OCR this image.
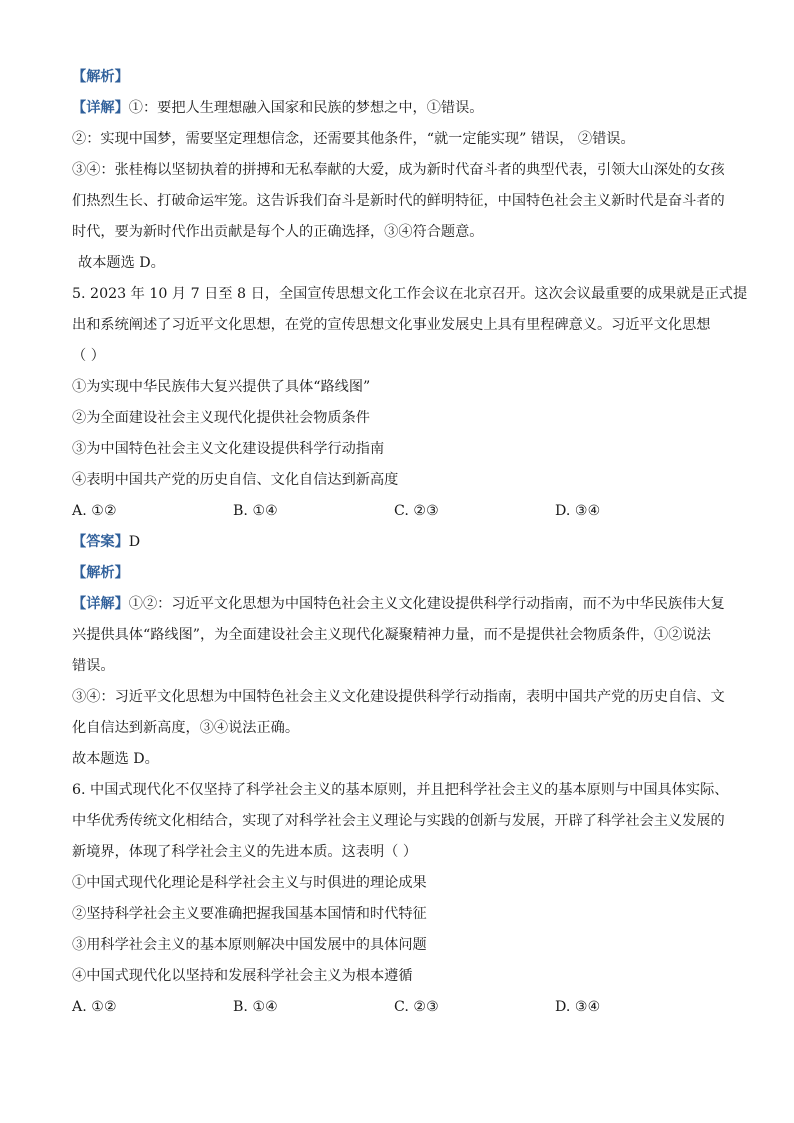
【解析】
【详解】①：要把人生理想融入国家和民族的梦想之中，①错误。
②：实现中国梦，需要坚定理想信念，还需要其他条件，“就一定能实现” 错误， ②错误。
③④：张桂梅以坚韧执着的拼搏和无私奉献的大爱，成为新时代奋斗者的典型代表，引领大山深处的女孩
们热烈生长、打破命运牢笼。这告诉我们奋斗是新时代的鲜明特征，中国特色社会主义新时代是奋斗者的
时代，要为新时代作出贡献是每个人的正确选择，③④符合题意。
故本题选 D。
5. 2023 年 10 月 7 日至 8 日，全国宣传思想文化工作会议在北京召开。这次会议最重要的成果就是正式提
出和系统阐述了习近平文化思想，在党的宣传思想文化事业发展史上具有里程碑意义。习近平文化思想
（ ）
①为实现中华民族伟大复兴提供了具体“路线图”
②为全面建设社会主义现代化提供社会物质条件
③为中国特色社会主义文化建设提供科学行动指南
④表明中国共产党的历史自信、文化自信达到新高度
A. ①②	B. ①④	C. ②③	D. ③④
【答案】D
【解析】
【详解】①②：习近平文化思想为中国特色社会主义文化建设提供科学行动指南，而不为中华民族伟大复
兴提供具体“路线图”，为全面建设社会主义现代化凝聚精神力量，而不是提供社会物质条件，①②说法
错误。
③④：习近平文化思想为中国特色社会主义文化建设提供科学行动指南，表明中国共产党的历史自信、文
化自信达到新高度，③④说法正确。
故本题选 D。
6. 中国式现代化不仅坚持了科学社会主义的基本原则，并且把科学社会主义的基本原则与中国具体实际、
中华优秀传统文化相结合，实现了对科学社会主义理论与实践的创新与发展，开辟了科学社会主义发展的
新境界，体现了科学社会主义的先进本质。这表明（ ）
①中国式现代化理论是科学社会主义与时俱进的理论成果
②坚持科学社会主义要准确把握我国基本国情和时代特征
③用科学社会主义的基本原则解决中国发展中的具体问题
④中国式现代化以坚持和发展科学社会主义为根本遵循
A. ①②	B. ①④	C. ②③	D. ③④
